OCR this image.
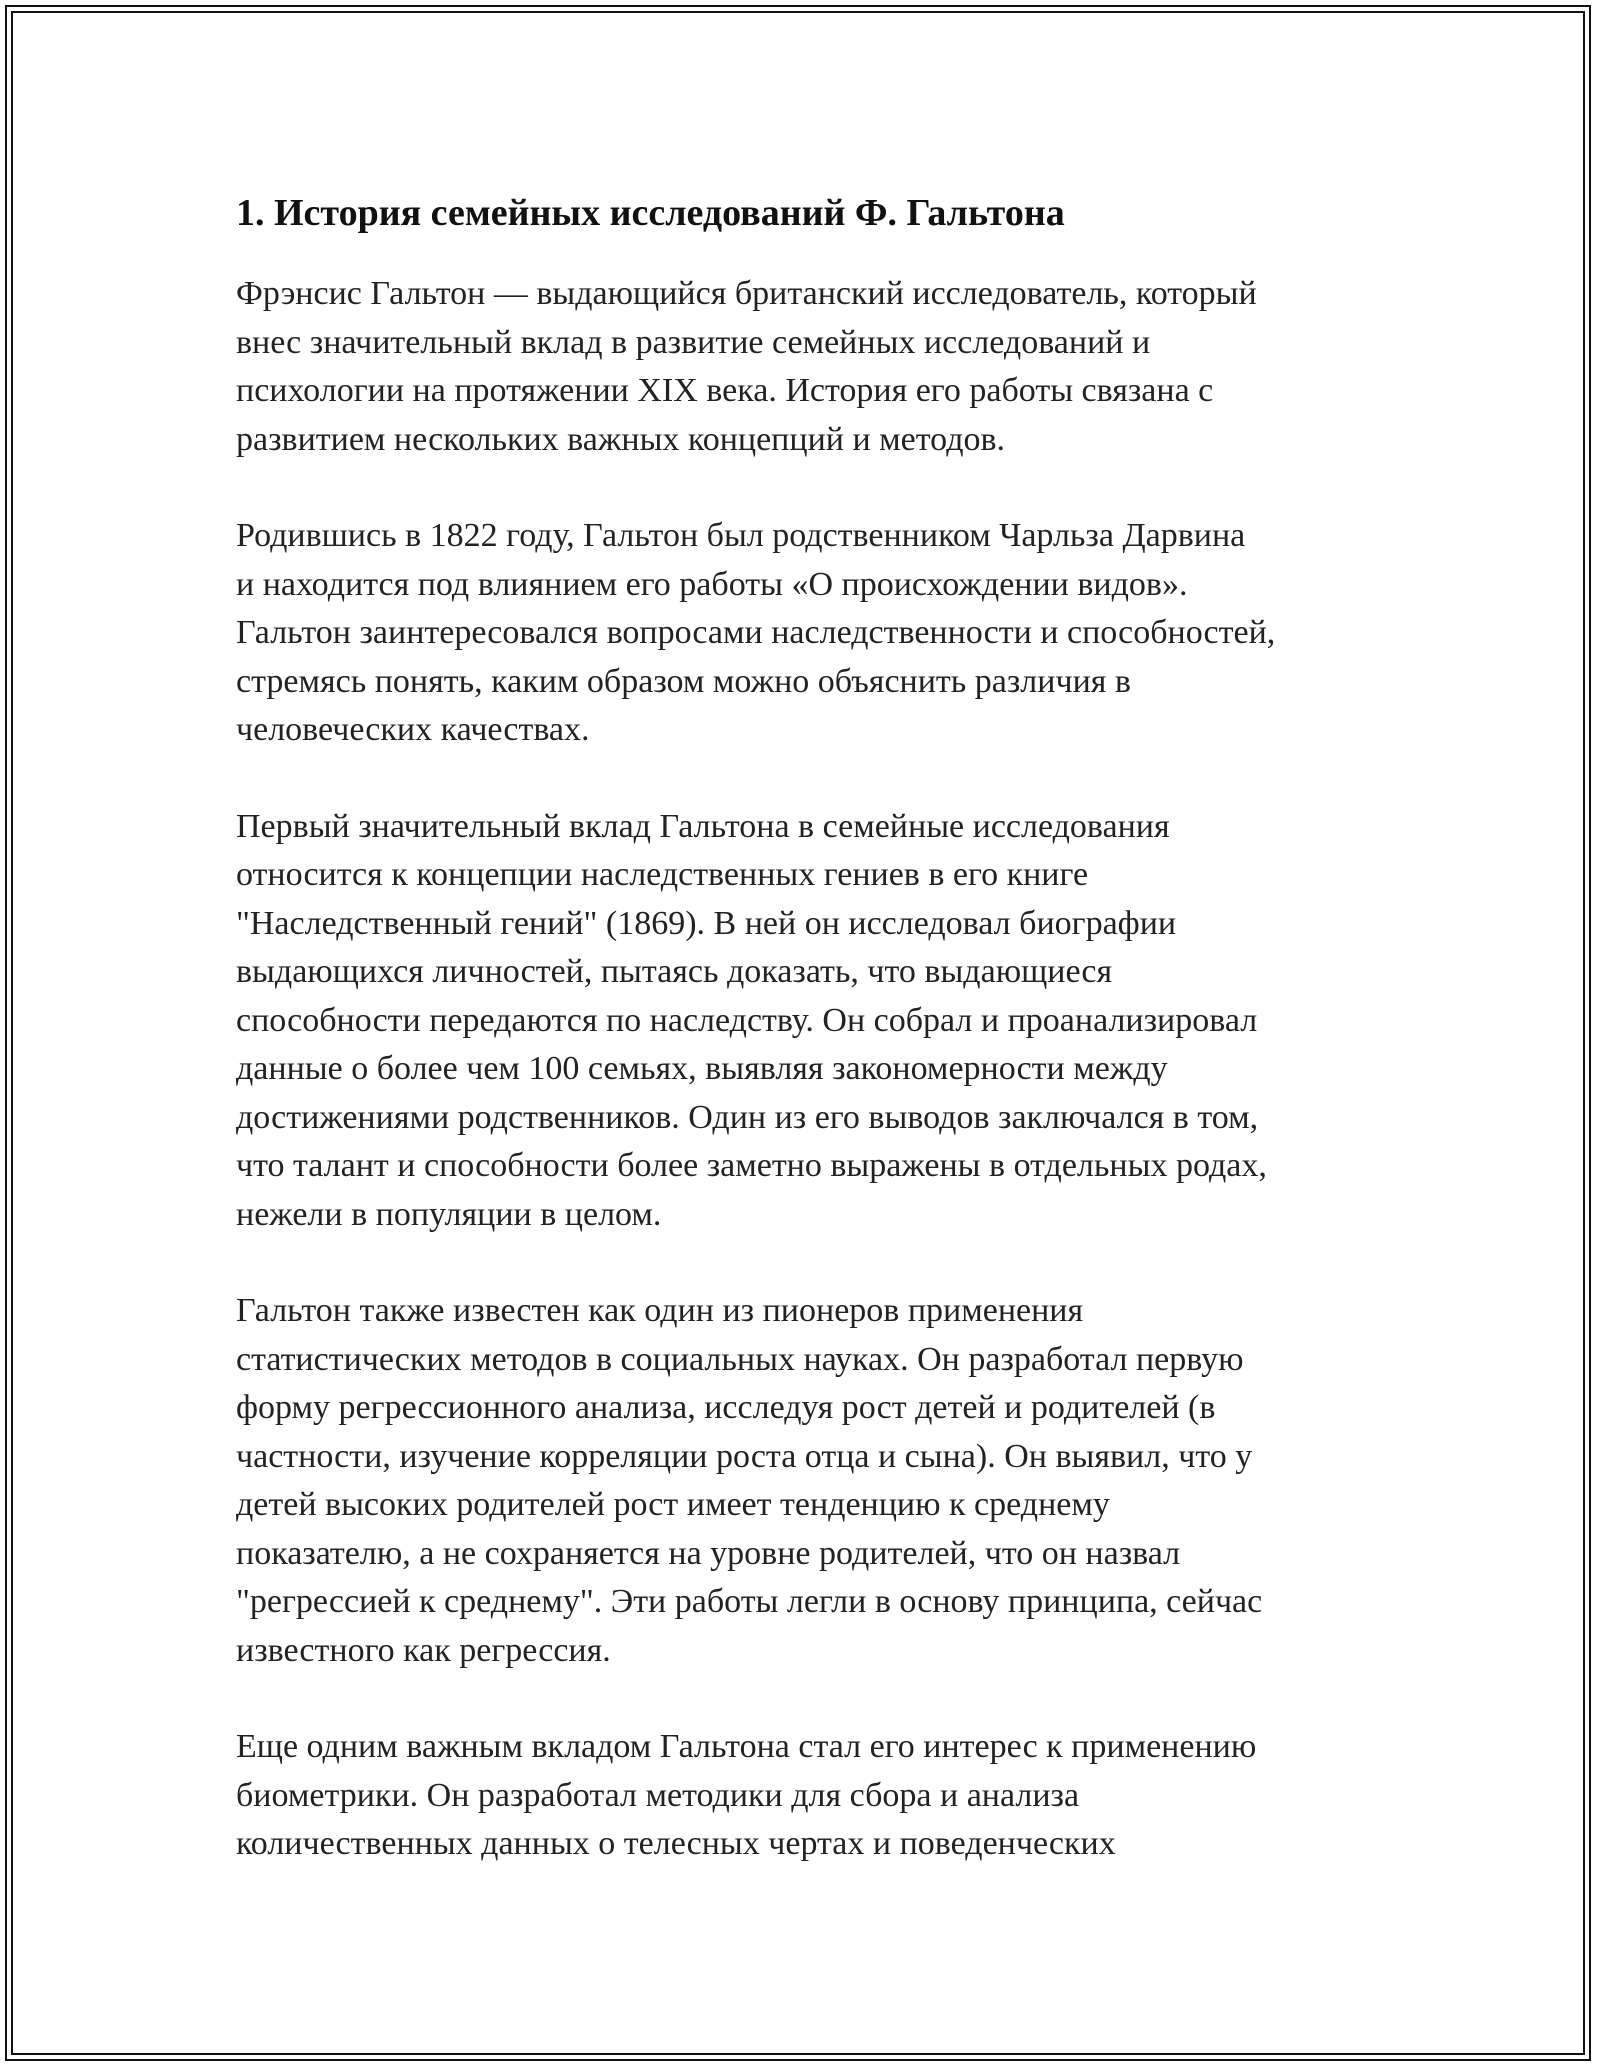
1. История семейных исследований Ф. Гальтона

Фрэнсис Гальтон — выдающийся британский исследователь, который
внес значительный вклад в развитие семейных исследований и
психологии на протяжении XIX века. История его работы связана с
развитием нескольких важных концепций и методов.

Родившись в 1822 году, Гальтон был родственником Чарльза Дарвина
и находится под влиянием его работы «О происхождении видов».
Гальтон заинтересовался вопросами наследственности и способностей,
стремясь понять, каким образом можно объяснить различия в
человеческих качествах.

Первый значительный вклад Гальтона в семейные исследования
относится к концепции наследственных гениев в его книге
"Наследственный гений" (1869). В ней он исследовал биографии
выдающихся личностей, пытаясь доказать, что выдающиеся
способности передаются по наследству. Он собрал и проанализировал
данные о более чем 100 семьях, выявляя закономерности между
достижениями родственников. Один из его выводов заключался в том,
что талант и способности более заметно выражены в отдельных родах,
нежели в популяции в целом.

Гальтон также известен как один из пионеров применения
статистических методов в социальных науках. Он разработал первую
форму регрессионного анализа, исследуя рост детей и родителей (в
частности, изучение корреляции роста отца и сына). Он выявил, что у
детей высоких родителей рост имеет тенденцию к среднему
показателю, а не сохраняется на уровне родителей, что он назвал
"регрессией к среднему". Эти работы легли в основу принципа, сейчас
известного как регрессия.

Еще одним важным вкладом Гальтона стал его интерес к применению
биометрики. Он разработал методики для сбора и анализа
количественных данных о телесных чертах и поведенческих
